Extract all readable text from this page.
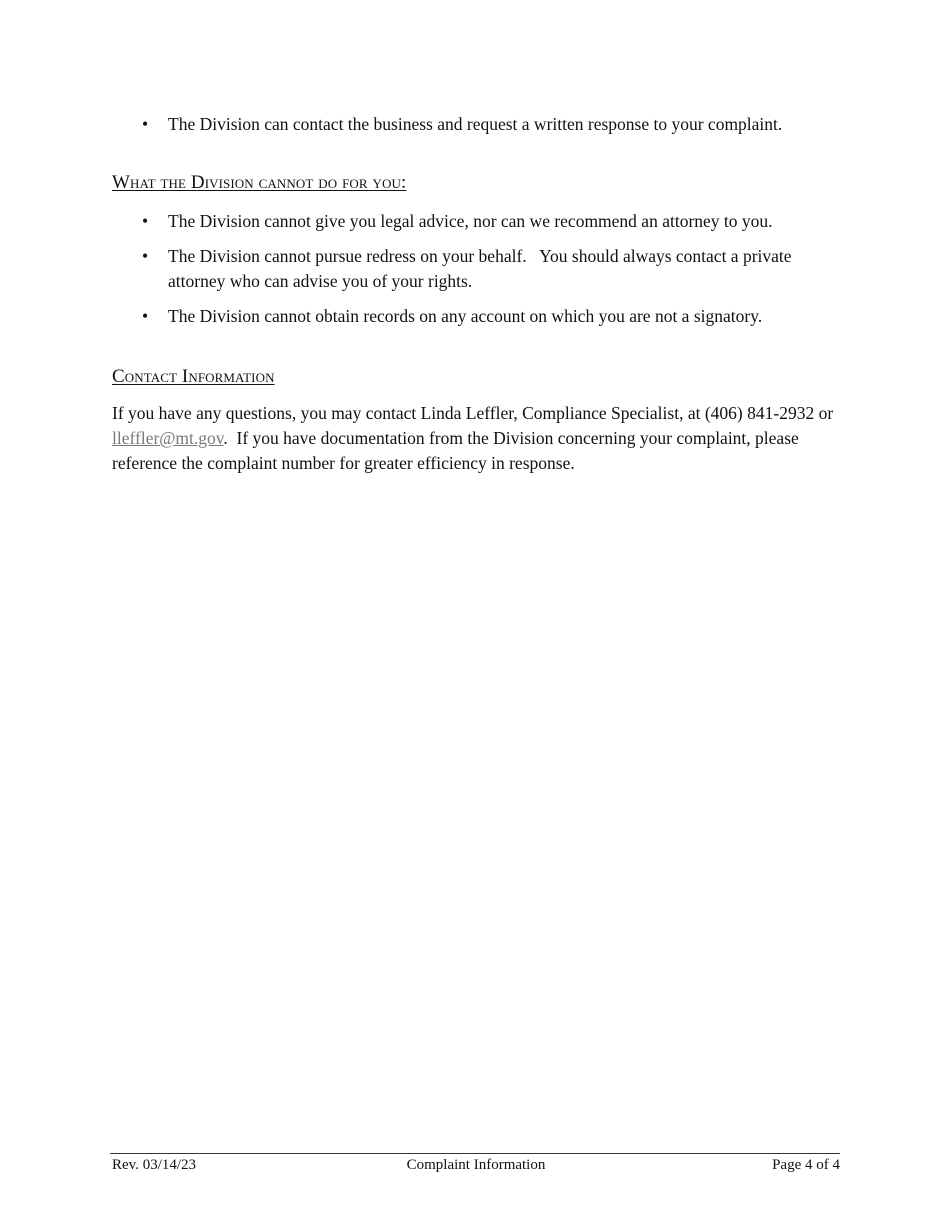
• The Division can contact the business and request a written response to your complaint.
What the Division cannot do for you:
• The Division cannot give you legal advice, nor can we recommend an attorney to you.
• The Division cannot pursue redress on your behalf.   You should always contact a private attorney who can advise you of your rights.
• The Division cannot obtain records on any account on which you are not a signatory.
Contact Information

If you have any questions, you may contact Linda Leffler, Compliance Specialist, at (406) 841-2932 or lleffler@mt.gov.  If you have documentation from the Division concerning your complaint, please reference the complaint number for greater efficiency in response.

Rev. 03/14/23	Complaint Information	Page 4 of 4
